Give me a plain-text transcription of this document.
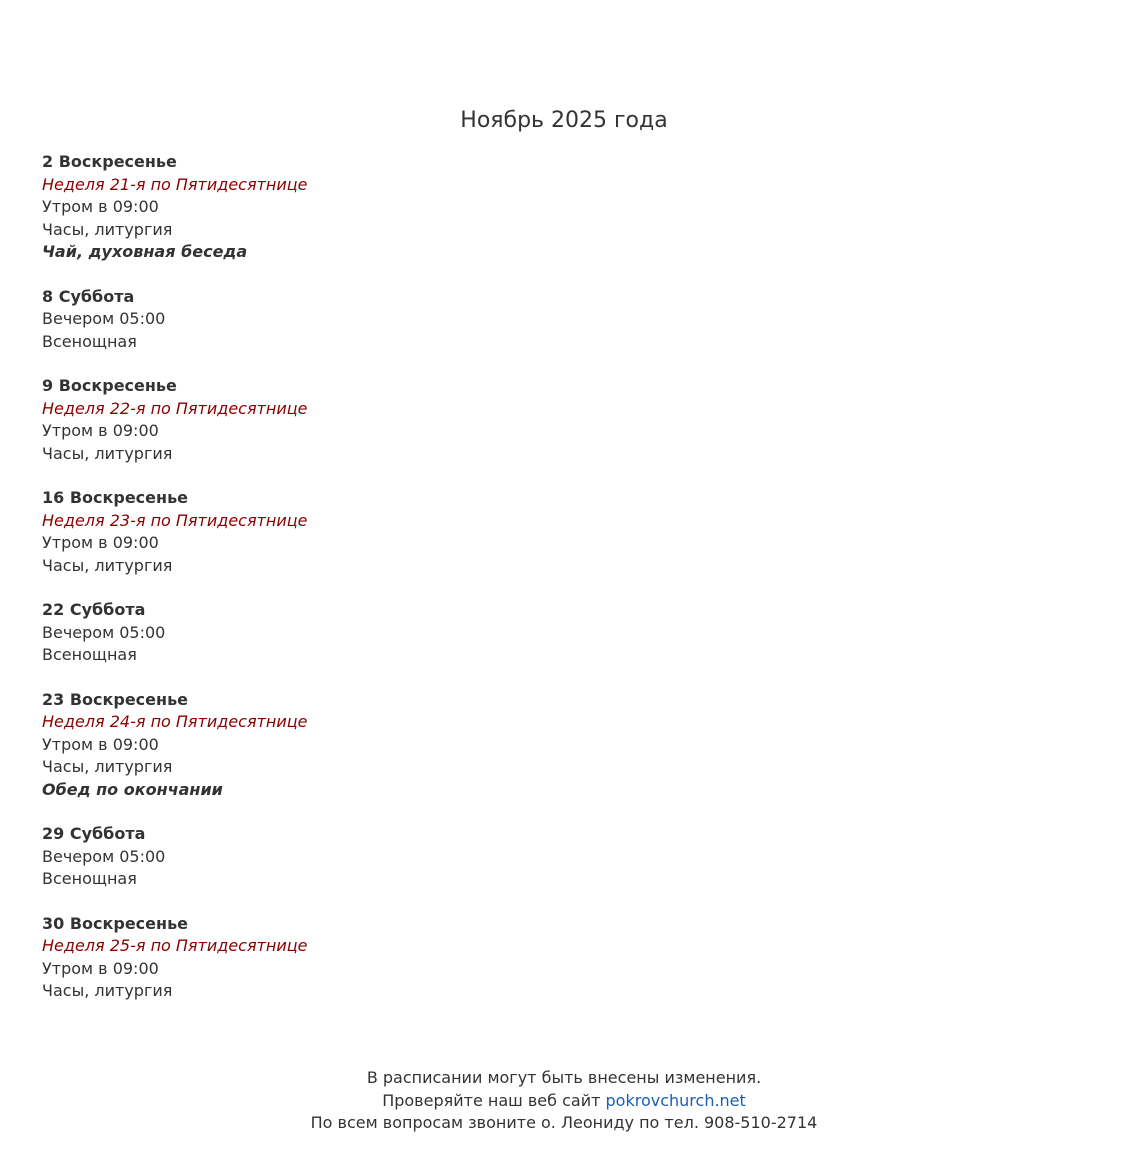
Ноябрь 2025 года
2 Воскресенье
Неделя 21-я по Пятидесятнице
Утром в 09:00
Часы, литургия
Чай, духовная беседа
8 Суббота
Вечером 05:00
Всенощная
9 Воскресенье
Неделя 22-я по Пятидесятнице
Утром в 09:00
Часы, литургия
16 Воскресенье
Неделя 23-я по Пятидесятнице
Утром в 09:00
Часы, литургия
22 Суббота
Вечером 05:00
Всенощная
23 Воскресенье
Неделя 24-я по Пятидесятнице
Утром в 09:00
Часы, литургия
Обед по окончании
29 Суббота
Вечером 05:00
Всенощная
30 Воскресенье
Неделя 25-я по Пятидесятнице
Утром в 09:00
Часы, литургия
В расписании могут быть внесены изменения.
Проверяйте наш веб сайт pokrovchurch.net
По всем вопросам звоните о. Леониду по тел. 908-510-2714
